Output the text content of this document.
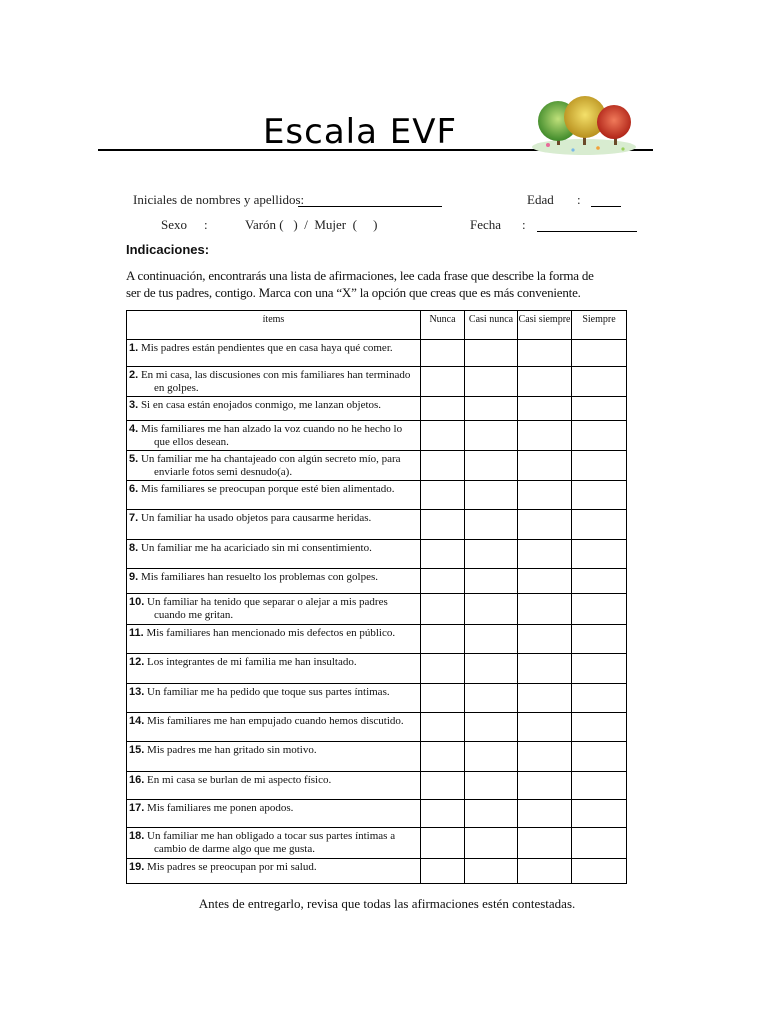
Escala EVF
Iniciales de nombres y apellidos:	Edad :
Sexo :	Varón (   )  /  Mujer  (     )	Fecha :
Indicaciones:
A continuación, encontrarás una lista de afirmaciones, lee cada frase que describe la forma de ser de tus padres, contigo. Marca con una “X” la opción que creas que es más conveniente.
ítems	Nunca	Casi nunca	Casi siempre	Siempre
1. Mis padres están pendientes que en casa haya qué comer.				
2. En mi casa, las discusiones con mis familiares han terminado
en golpes.				

3. Si en casa están enojados conmigo, me lanzan objetos.				
4. Mis familiares me han alzado la voz cuando no he hecho lo
que ellos desean.				

5. Un familiar me ha chantajeado con algún secreto mío, para
enviarle fotos semi desnudo(a).				

6. Mis familiares se preocupan porque esté bien alimentado.				
7. Un familiar ha usado objetos para causarme heridas.				
8. Un familiar me ha acariciado sin mi consentimiento.				
9. Mis familiares han resuelto los problemas con golpes.				
10. Un familiar ha tenido que separar o alejar a mis padres
cuando me gritan.				

11. Mis familiares han mencionado mis defectos en público.				
12. Los integrantes de mi familia me han insultado.				
13. Un familiar me ha pedido que toque sus partes íntimas.				
14. Mis familiares me han empujado cuando hemos discutido.				
15. Mis padres me han gritado sin motivo.				
16. En mi casa se burlan de mi aspecto físico.				
17. Mis familiares me ponen apodos.				
18. Un familiar me han obligado a tocar sus partes íntimas a
cambio de darme algo que me gusta.				

19. Mis padres se preocupan por mi salud.				
Antes de entregarlo, revisa que todas las afirmaciones estén contestadas.
